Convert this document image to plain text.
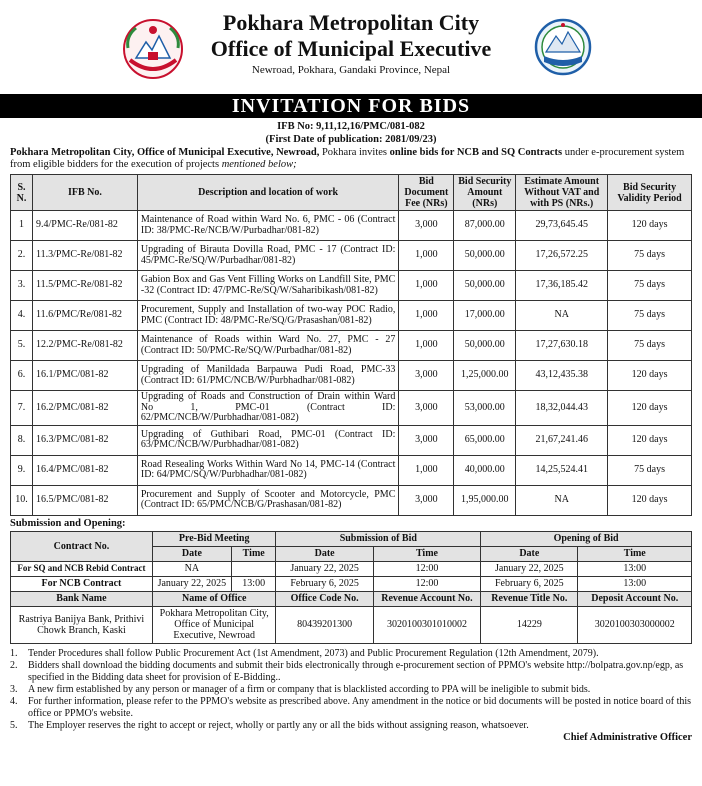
Pokhara Metropolitan City
Office of Municipal Executive
Newroad, Pokhara, Gandaki Province, Nepal
INVITATION FOR BIDS
IFB No: 9,11,12,16/PMC/081-082
(First Date of publication: 2081/09/23)
Pokhara Metropolitan City, Office of Municipal Executive, Newroad, Pokhara invites online bids for NCB and SQ Contracts under e-procurement system from eligible bidders for the execution of projects mentioned below;
S. N.	IFB No.	Description and location of work	Bid Document Fee (NRs)	Bid Security Amount (NRs)	Estimate Amount Without VAT and with PS (NRs.)	Bid Security Validity Period
1	9.4/PMC-Re/081-82	Maintenance of Road within Ward No. 6, PMC - 06 (Contract ID: 38/PMC-Re/NCB/W/Purbadhar/081-82)	3,000	87,000.00	29,73,645.45	120 days
2.	11.3/PMC-Re/081-82	Upgrading of Birauta Dovilla Road, PMC - 17 (Contract ID: 45/PMC-Re/SQ/W/Purbadhar/081-82)	1,000	50,000.00	17,26,572.25	75 days
3.	11.5/PMC-Re/081-82	Gabion Box and Gas Vent Filling Works on Landfill Site, PMC -32 (Contract ID: 47/PMC-Re/SQ/W/Saharibikash/081-82)	1,000	50,000.00	17,36,185.42	75 days
4.	11.6/PMC/Re/081-82	Procurement, Supply and Installation of two-way POC Radio, PMC (Contract ID: 48/PMC-Re/SQ/G/Prasashan/081-82)	1,000	17,000.00	NA	75 days
5.	12.2/PMC-Re/081-82	Maintenance of Roads within Ward No. 27, PMC - 27 (Contract ID: 50/PMC-Re/SQ/W/Purbadhar/081-82)	1,000	50,000.00	17,27,630.18	75 days
6.	16.1/PMC/081-82	Upgrading of Manildada Barpauwa Pudi Road, PMC-33 (Contract ID: 61/PMC/NCB/W/Purbhadhar/081-082)	3,000	1,25,000.00	43,12,435.38	120 days
7.	16.2/PMC/081-82	Upgrading of Roads and Construction of Drain within Ward No 1, PMC-01 (Contract ID: 62/PMC/NCB/W/Purbhadhar/081-082)	3,000	53,000.00	18,32,044.43	120 days
8.	16.3/PMC/081-82	Upgrading of Guthibari Road, PMC-01 (Contract ID: 63/PMC/NCB/W/Purbhadhar/081-082)	3,000	65,000.00	21,67,241.46	120 days
9.	16.4/PMC/081-82	Road Resealing Works Within Ward No 14, PMC-14 (Contract ID: 64/PMC/SQ/W/Purbhadhar/081-082)	1,000	40,000.00	14,25,524.41	75 days
10.	16.5/PMC/081-82	Procurement and Supply of Scooter and Motorcycle, PMC (Contract ID: 65/PMC/NCB/G/Prashasan/081-82)	3,000	1,95,000.00	NA	120 days
Submission and Opening:
Contract No.	Pre-Bid Meeting		Submission of Bid		Opening of Bid	
	Date	Time	Date	Time	Date	Time
For SQ and NCB Rebid Contract	NA		January 22, 2025	12:00	January 22, 2025	13:00
For NCB Contract	January 22, 2025	13:00	February 6, 2025	12:00	February 6, 2025	13:00
Bank Name	Name of Office		Office Code No.	Revenue Account No.	Revenue Title No.	Deposit Account No.
Rastriya Banijya Bank, Prithivi Chowk Branch, Kaski	Pokhara Metropolitan City, Office of Municipal Executive, Newroad		80439201300	3020100301010002	14229	3020100303000002
1.	Tender Procedures shall follow Public Procurement Act (1st Amendment, 2073) and Public Procurement Regulation (12th Amendment, 2079).
2.	Bidders shall download the bidding documents and submit their bids electronically through e-procurement section of PPMO's website http://bolpatra.gov.np/egp, as specified in the Bidding data sheet for provision of E-Bidding..
3.	A new firm established by any person or manager of a firm or company that is blacklisted according to PPA will be ineligible to submit bids.
4.	For further information, please refer to the PPMO's website as prescribed above. Any amendment in the notice or bid documents will be posted in notice board of this office or PPMO's website.
5.	The Employer reserves the right to accept or reject, wholly or partly any or all the bids without assigning reason, whatsoever.
Chief Administrative Officer
